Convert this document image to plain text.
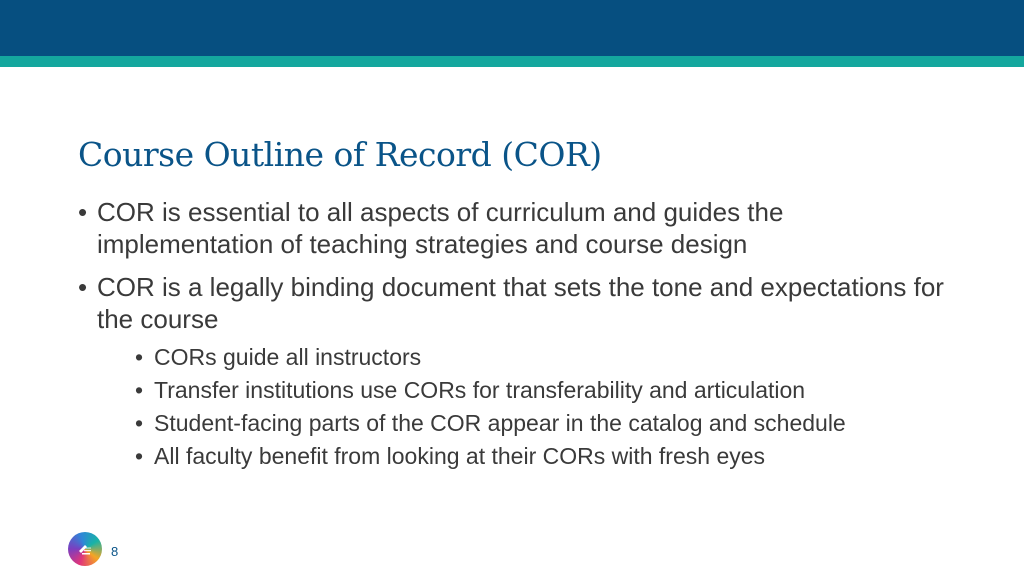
Course Outline of Record (COR)
• COR is essential to all aspects of curriculum and guides the implementation of teaching strategies and course design
• COR is a legally binding document that sets the tone and expectations for the course
• CORs guide all instructors
• Transfer institutions use CORs for transferability and articulation
• Student-facing parts of the COR appear in the catalog and schedule
• All faculty benefit from looking at their CORs with fresh eyes
8
